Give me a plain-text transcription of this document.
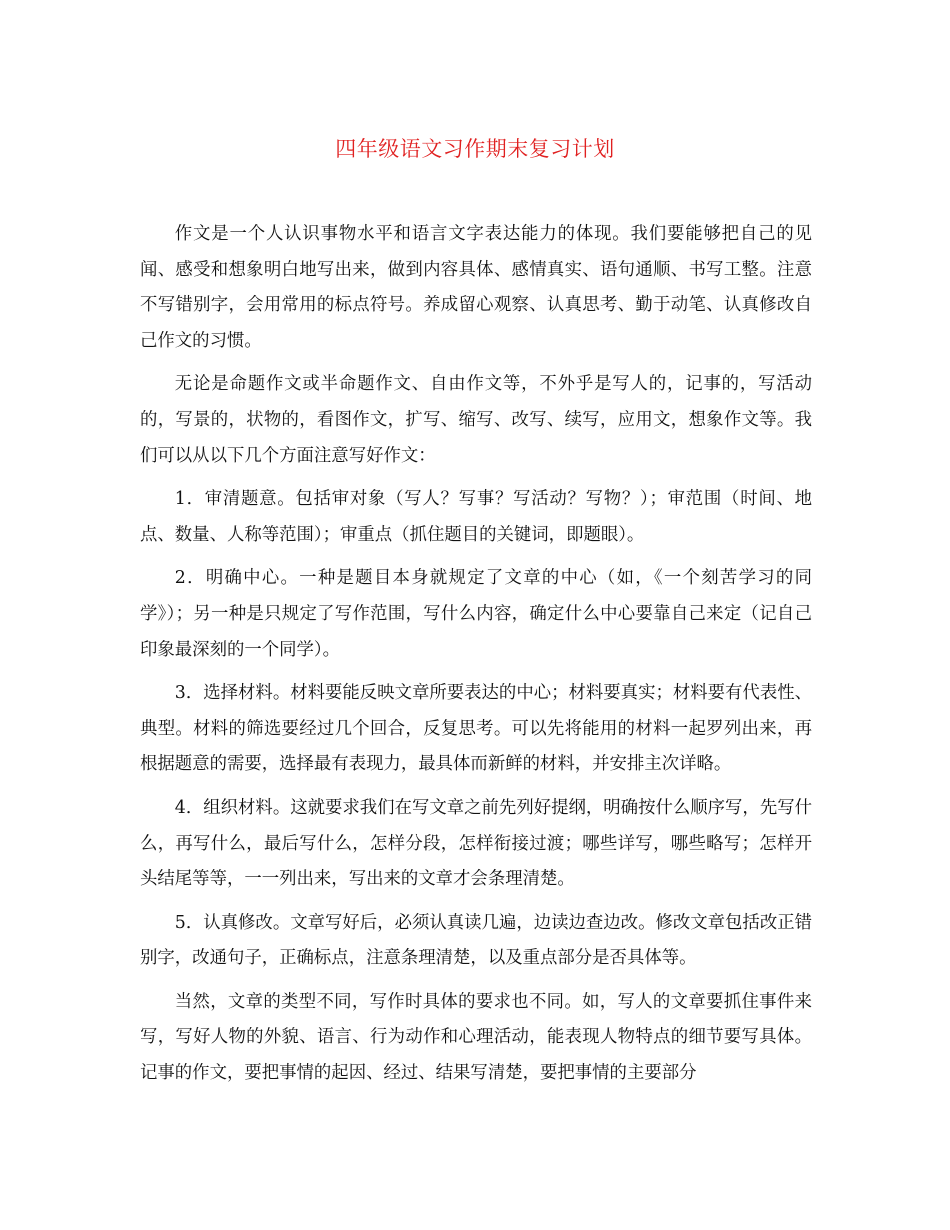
四年级语文习作期末复习计划

作文是一个人认识事物水平和语言文字表达能力的体现。我们要能够把自己的见闻、感受和想象明白地写出来，做到内容具体、感情真实、语句通顺、书写工整。注意不写错别字，会用常用的标点符号。养成留心观察、认真思考、勤于动笔、认真修改自己作文的习惯。

无论是命题作文或半命题作文、自由作文等，不外乎是写人的，记事的，写活动的，写景的，状物的，看图作文，扩写、缩写、改写、续写，应用文，想象作文等。我们可以从以下几个方面注意写好作文：

1．审清题意。包括审对象（写人？写事？写活动？写物？）；审范围（时间、地点、数量、人称等范围）；审重点（抓住题目的关键词，即题眼）。

2．明确中心。一种是题目本身就规定了文章的中心（如，《一个刻苦学习的同学》）；另一种是只规定了写作范围，写什么内容，确定什么中心要靠自己来定（记自己印象最深刻的一个同学）。

3．选择材料。材料要能反映文章所要表达的中心；材料要真实；材料要有代表性、典型。材料的筛选要经过几个回合，反复思考。可以先将能用的材料一起罗列出来，再根据题意的需要，选择最有表现力，最具体而新鲜的材料，并安排主次详略。

4．组织材料。这就要求我们在写文章之前先列好提纲，明确按什么顺序写，先写什么，再写什么，最后写什么，怎样分段，怎样衔接过渡；哪些详写，哪些略写；怎样开头结尾等等，一一列出来，写出来的文章才会条理清楚。

5．认真修改。文章写好后，必须认真读几遍，边读边查边改。修改文章包括改正错别字，改通句子，正确标点，注意条理清楚，以及重点部分是否具体等。

当然，文章的类型不同，写作时具体的要求也不同。如，写人的文章要抓住事件来写，写好人物的外貌、语言、行为动作和心理活动，能表现人物特点的细节要写具体。记事的作文，要把事情的起因、经过、结果写清楚，要把事情的主要部分
